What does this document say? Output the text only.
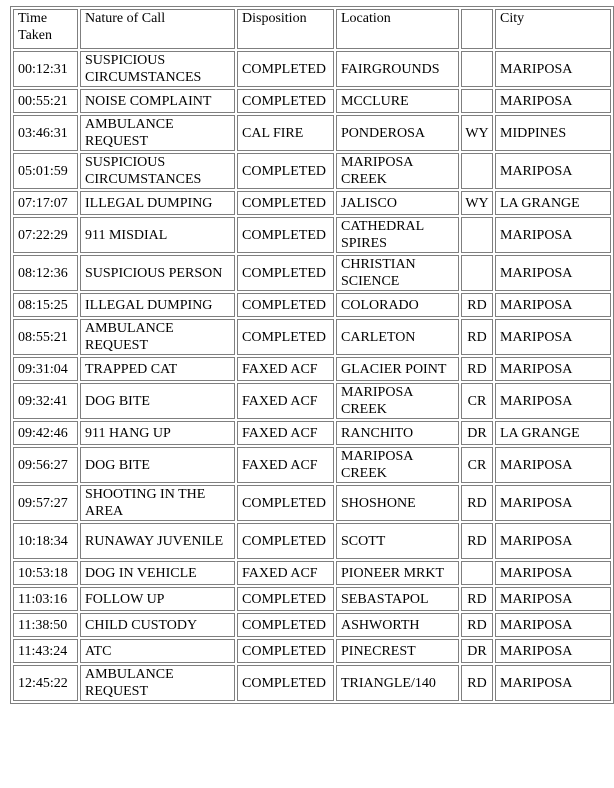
Time Taken	Nature of Call	Disposition	Location		City
00:12:31	SUSPICIOUS CIRCUMSTANCES	COMPLETED	FAIRGROUNDS		MARIPOSA
00:55:21	NOISE COMPLAINT	COMPLETED	MCCLURE		MARIPOSA
03:46:31	AMBULANCE REQUEST	CAL FIRE	PONDEROSA	WY	MIDPINES
05:01:59	SUSPICIOUS CIRCUMSTANCES	COMPLETED	MARIPOSA CREEK		MARIPOSA
07:17:07	ILLEGAL DUMPING	COMPLETED	JALISCO	WY	LA GRANGE
07:22:29	911 MISDIAL	COMPLETED	CATHEDRAL SPIRES		MARIPOSA
08:12:36	SUSPICIOUS PERSON	COMPLETED	CHRISTIAN SCIENCE		MARIPOSA
08:15:25	ILLEGAL DUMPING	COMPLETED	COLORADO	RD	MARIPOSA
08:55:21	AMBULANCE REQUEST	COMPLETED	CARLETON	RD	MARIPOSA
09:31:04	TRAPPED CAT	FAXED ACF	GLACIER POINT	RD	MARIPOSA
09:32:41	DOG BITE	FAXED ACF	MARIPOSA CREEK	CR	MARIPOSA
09:42:46	911 HANG UP	FAXED ACF	RANCHITO	DR	LA GRANGE
09:56:27	DOG BITE	FAXED ACF	MARIPOSA CREEK	CR	MARIPOSA
09:57:27	SHOOTING IN THE AREA	COMPLETED	SHOSHONE	RD	MARIPOSA
10:18:34	RUNAWAY JUVENILE	COMPLETED	SCOTT	RD	MARIPOSA
10:53:18	DOG IN VEHICLE	FAXED ACF	PIONEER MRKT		MARIPOSA
11:03:16	FOLLOW UP	COMPLETED	SEBASTAPOL	RD	MARIPOSA
11:38:50	CHILD CUSTODY	COMPLETED	ASHWORTH	RD	MARIPOSA
11:43:24	ATC	COMPLETED	PINECREST	DR	MARIPOSA
12:45:22	AMBULANCE REQUEST	COMPLETED	TRIANGLE/140	RD	MARIPOSA
